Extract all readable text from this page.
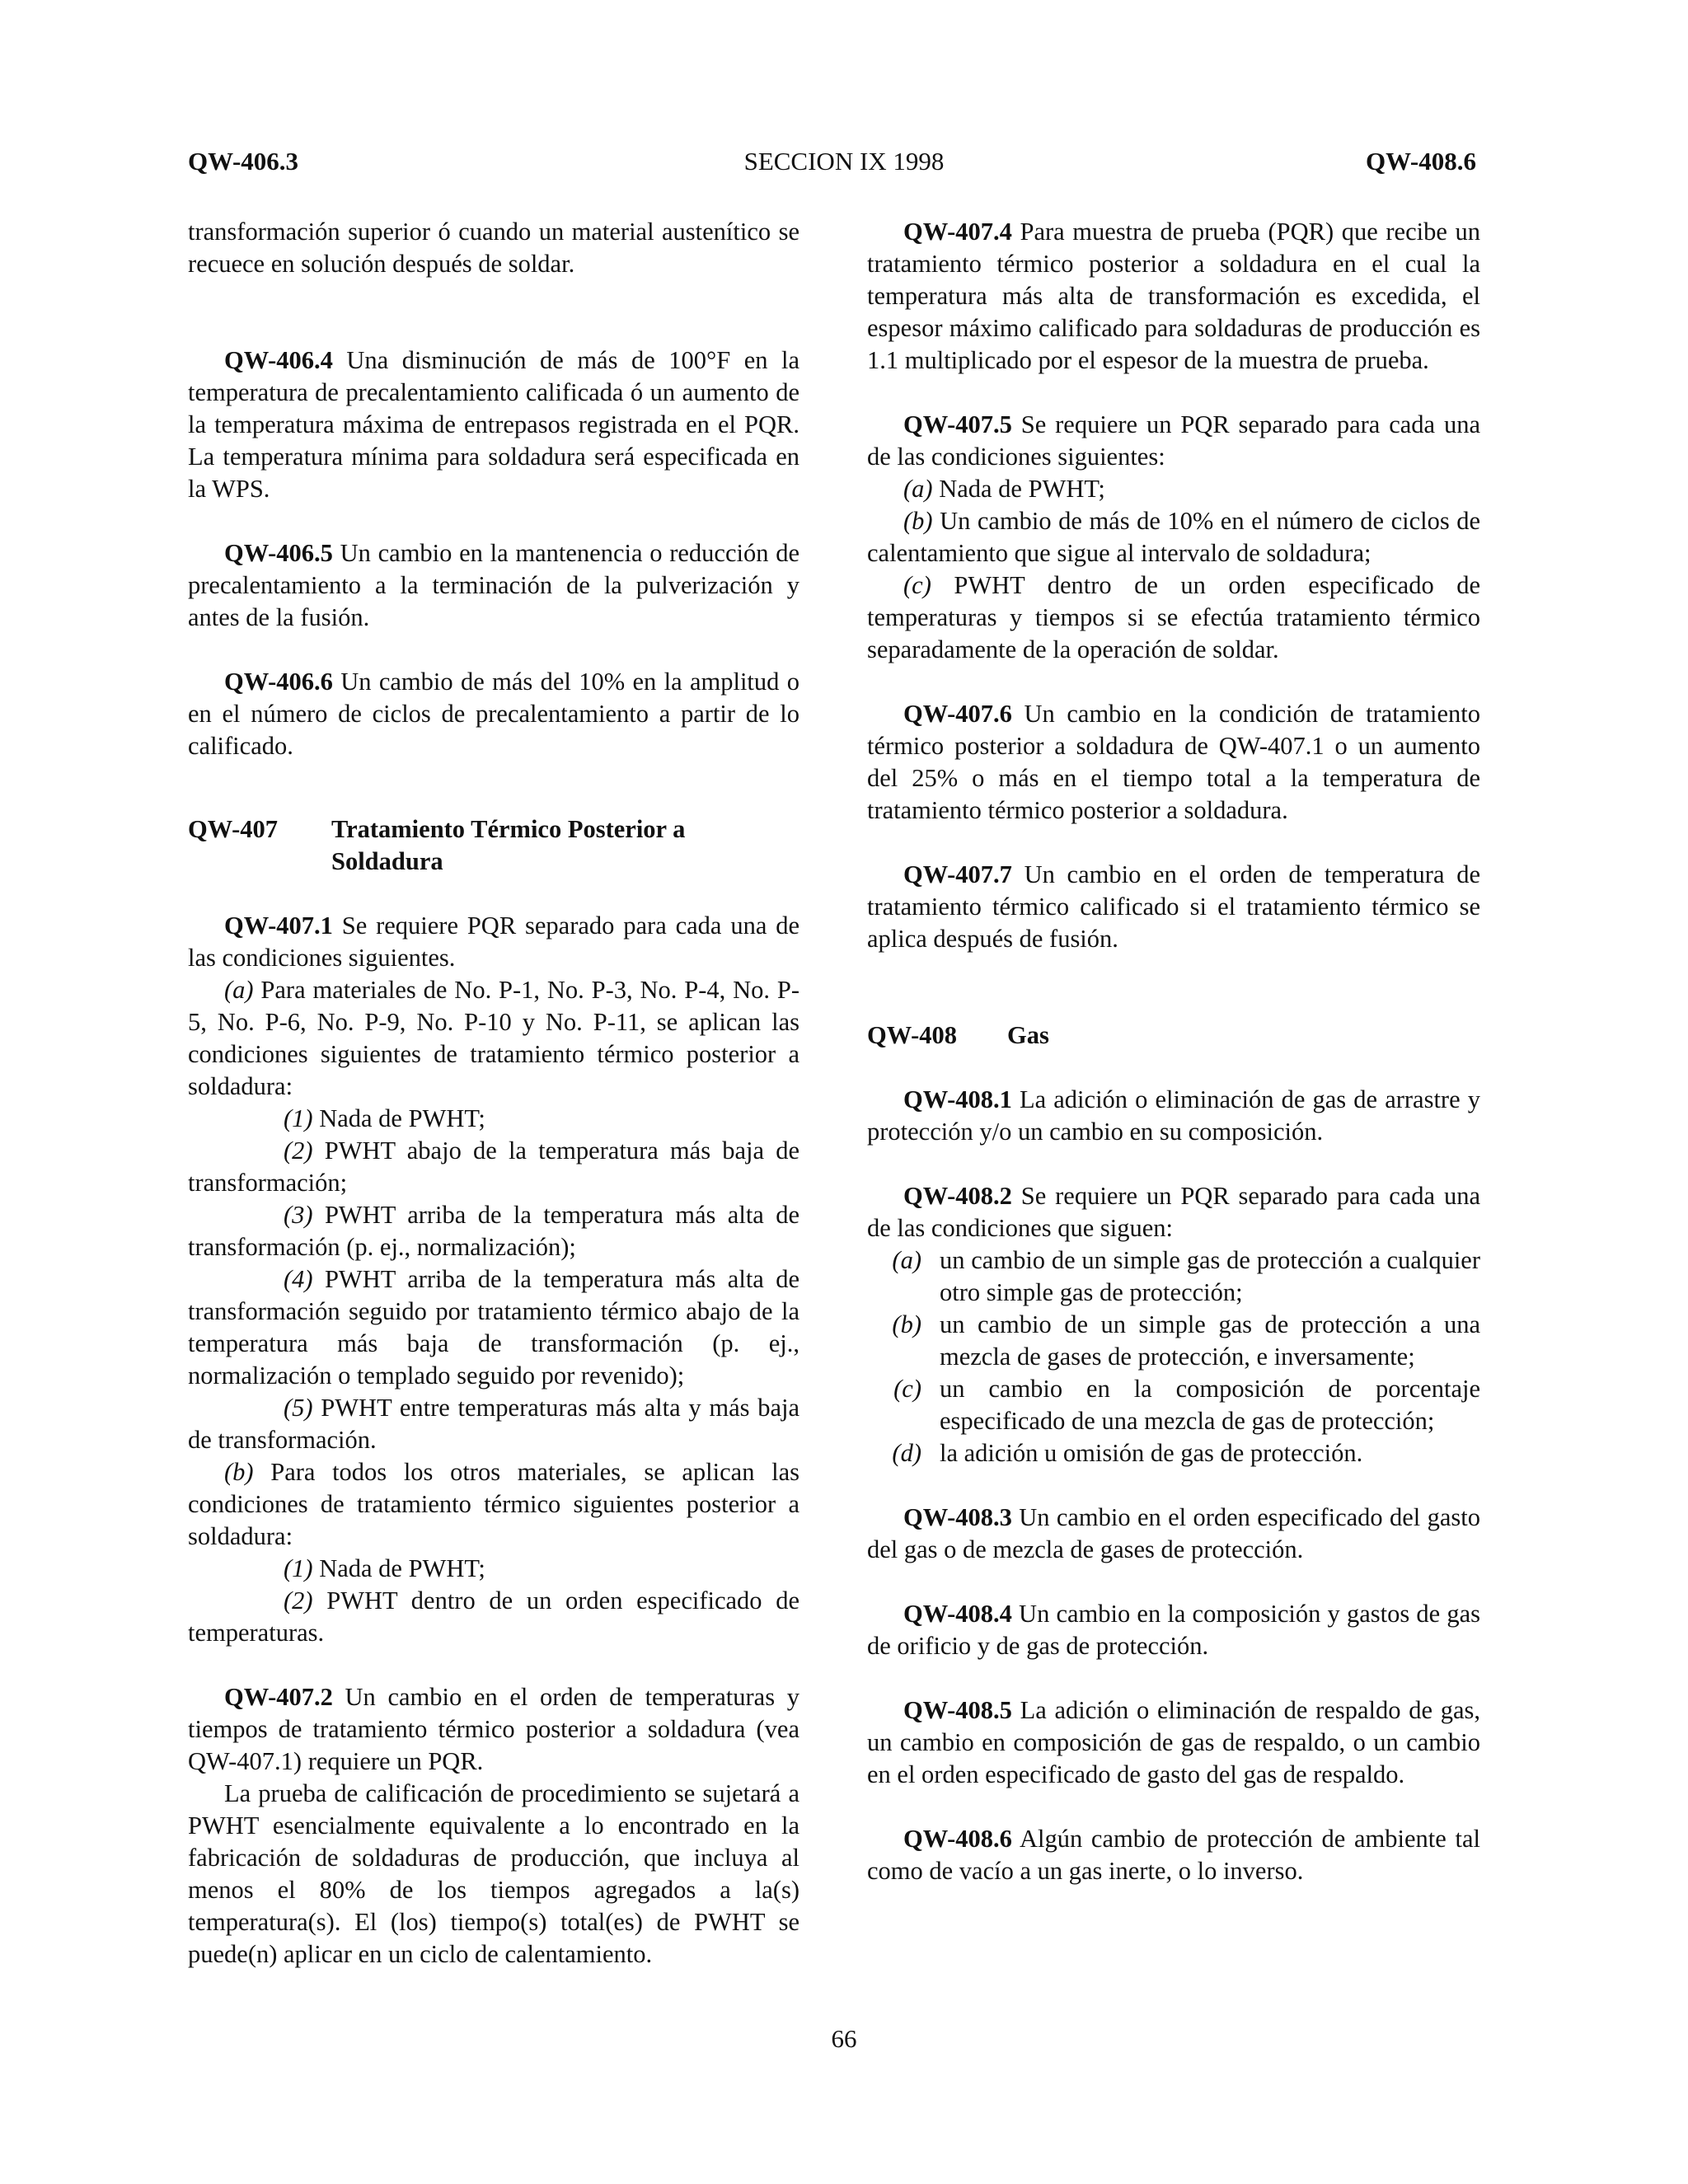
QW-406.3	SECCION IX 1998	QW-408.6

transformación superior ó cuando un material austenítico se recuece en solución después de soldar.

QW-406.4 Una disminución de más de 100°F en la temperatura de precalentamiento calificada ó un aumento de la temperatura máxima de entrepasos registrada en el PQR. La temperatura mínima para soldadura será especificada en la WPS.

QW-406.5 Un cambio en la mantenencia o reducción de precalentamiento a la terminación de la pulverización y antes de la fusión.

QW-406.6 Un cambio de más del 10% en la amplitud o en el número de ciclos de precalentamiento a partir de lo calificado.

QW-407	Tratamiento Térmico Posterior a Soldadura

QW-407.1 Se requiere PQR separado para cada una de las condiciones siguientes.

(a) Para materiales de No. P-1, No. P-3, No. P-4, No. P-5, No. P-6, No. P-9, No. P-10 y No. P-11, se aplican las condiciones siguientes de tratamiento térmico posterior a soldadura:

(1) Nada de PWHT;

(2) PWHT abajo de la temperatura más baja de transformación;

(3) PWHT arriba de la temperatura más alta de transformación (p. ej., normalización);

(4) PWHT arriba de la temperatura más alta de transformación seguido por tratamiento térmico abajo de la temperatura más baja de transformación (p. ej., normalización o templado seguido por revenido);

(5) PWHT entre temperaturas más alta y más baja de transformación.

(b) Para todos los otros materiales, se aplican las condiciones de tratamiento térmico siguientes posterior a soldadura:

(1) Nada de PWHT;

(2) PWHT dentro de un orden especificado de temperaturas.

QW-407.2 Un cambio en el orden de temperaturas y tiempos de tratamiento térmico posterior a soldadura (vea QW-407.1) requiere un PQR.

La prueba de calificación de procedimiento se sujetará a PWHT esencialmente equivalente a lo encontrado en la fabricación de soldaduras de producción, que incluya al menos el 80% de los tiempos agregados a la(s) temperatura(s). El (los) tiempo(s) total(es) de PWHT se puede(n) aplicar en un ciclo de calentamiento.

QW-407.4 Para muestra de prueba (PQR) que recibe un tratamiento térmico posterior a soldadura en el cual la temperatura más alta de transformación es excedida, el espesor máximo calificado para soldaduras de producción es 1.1 multiplicado por el espesor de la muestra de prueba.

QW-407.5 Se requiere un PQR separado para cada una de las condiciones siguientes:

(a) Nada de PWHT;

(b) Un cambio de más de 10% en el número de ciclos de calentamiento que sigue al intervalo de soldadura;

(c) PWHT dentro de un orden especificado de temperaturas y tiempos si se efectúa tratamiento térmico separadamente de la operación de soldar.

QW-407.6 Un cambio en la condición de tratamiento térmico posterior a soldadura de QW-407.1 o un aumento del 25% o más en el tiempo total a la temperatura de tratamiento térmico posterior a soldadura.

QW-407.7 Un cambio en el orden de temperatura de tratamiento térmico calificado si el tratamiento térmico se aplica después de fusión.

QW-408	Gas

QW-408.1 La adición o eliminación de gas de arrastre y protección y/o un cambio en su composición.

QW-408.2 Se requiere un PQR separado para cada una de las condiciones que siguen:

(a) un cambio de un simple gas de protección a cualquier otro simple gas de protección;
(b) un cambio de un simple gas de protección a una mezcla de gases de protección, e inversamente;
(c) un cambio en la composición de porcentaje especificado de una mezcla de gas de protección;
(d) la adición u omisión de gas de protección.

QW-408.3 Un cambio en el orden especificado del gasto del gas o de mezcla de gases de protección.

QW-408.4 Un cambio en la composición y gastos de gas de orificio y de gas de protección.

QW-408.5 La adición o eliminación de respaldo de gas, un cambio en composición de gas de respaldo, o un cambio en el orden especificado de gasto del gas de respaldo.

QW-408.6 Algún cambio de protección de ambiente tal como de vacío a un gas inerte, o lo inverso.

66
